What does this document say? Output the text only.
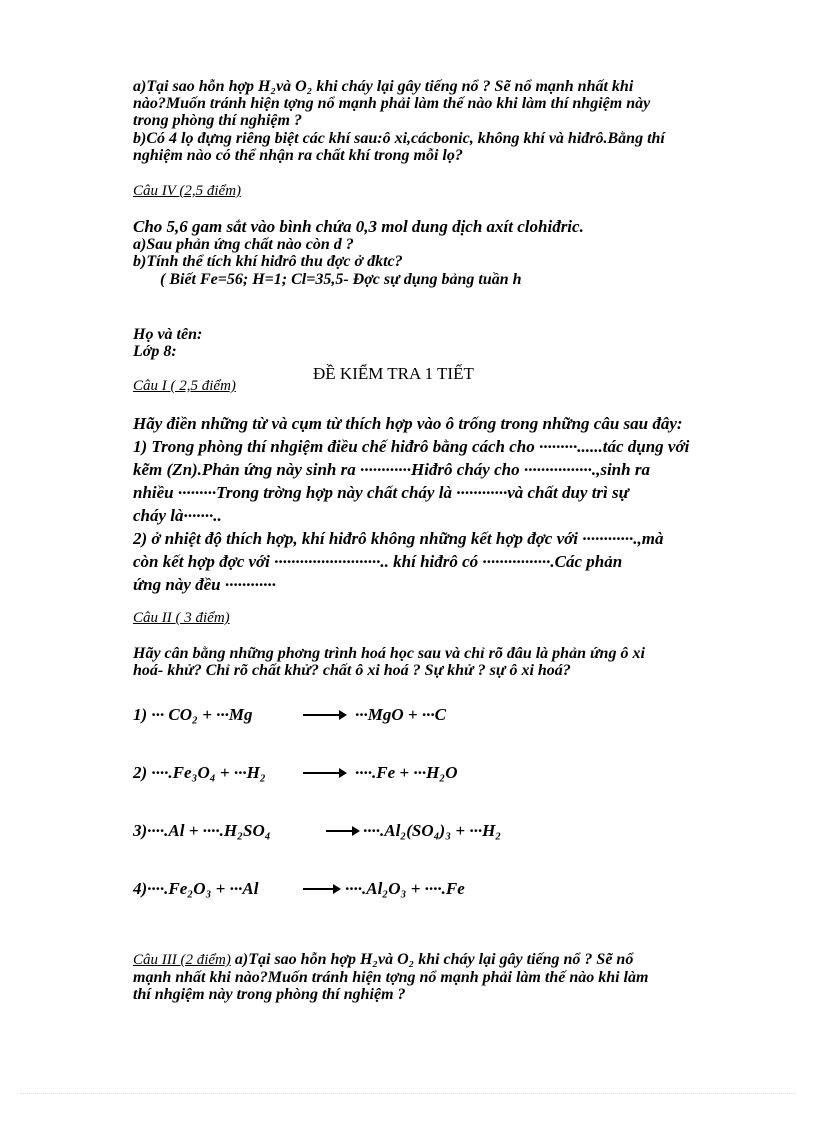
a)Tại sao hỗn hợp H₂và O₂ khi cháy lại gây tiếng nổ ? Sẽ nổ mạnh nhất khi
nào?Muốn tránh hiện tợng nổ mạnh phải làm thế nào khi làm thí nhgiệm này
trong phòng thí nghiệm ?
b)Có 4 lọ đựng riêng biệt các khí sau:ô xi,cácbonic, không khí và hiđrô.Bằng thí
nghiệm nào có thể nhận ra chất khí trong mỗi lọ?
Câu IV (2,5 điểm)
Cho 5,6 gam sắt vào bình chứa 0,3 mol dung dịch axít clohiđric.
a)Sau phản ứng chất nào còn d ?
b)Tính thể tích khí hiđrô thu đợc ở đktc?
( Biết Fe=56; H=1; Cl=35,5- Đợc sự dụng bảng tuần h
Họ và tên:
Lớp 8:
ĐỀ KIỂM TRA 1 TIẾT
Câu I ( 2,5 điểm)
Hãy điền những từ và cụm từ thích hợp vào ô trống trong những câu sau đây:
1) Trong phòng thí nhgiệm điều chế hiđrô bằng cách cho ·········......tác dụng với
kẽm (Zn).Phản ứng này sinh ra ············Hiđrô cháy cho ················.,sinh ra
nhiều ·········Trong trờng hợp này chất cháy là ············và chất duy trì sự
cháy là·······..
2) ở nhiệt độ thích hợp, khí hiđrô không những kết hợp đợc với ············.,mà
còn kết hợp đợc với ·························.. khí hiđrô có ················.Các phản
ứng này đều ············
Câu II ( 3 điểm)
Hãy cân bằng những phơng trình hoá học sau và chỉ rõ đâu là phản ứng ô xi
hoá- khử? Chỉ rõ chất khử? chất ô xi hoá ? Sự khử ? sự ô xi hoá?
1) ··· CO₂ + ···Mg	→ ···MgO + ···C
2) ····.Fe₃O₄ + ···H₂ → ····.Fe + ···H₂O
3)····.Al + ····.H₂SO₄	→ ····.Al₂(SO₄)₃ + ···H₂
4)····.Fe₂O₃ + ···Al	→ ····.Al₂O₃ + ····.Fe
Câu III (2 điểm) a)Tại sao hỗn hợp H₂và O₂ khi cháy lại gây tiếng nổ ? Sẽ nổ
mạnh nhất khi nào?Muốn tránh hiện tợng nổ mạnh phải làm thế nào khi làm
thí nhgiệm này trong phòng thí nghiệm ?
